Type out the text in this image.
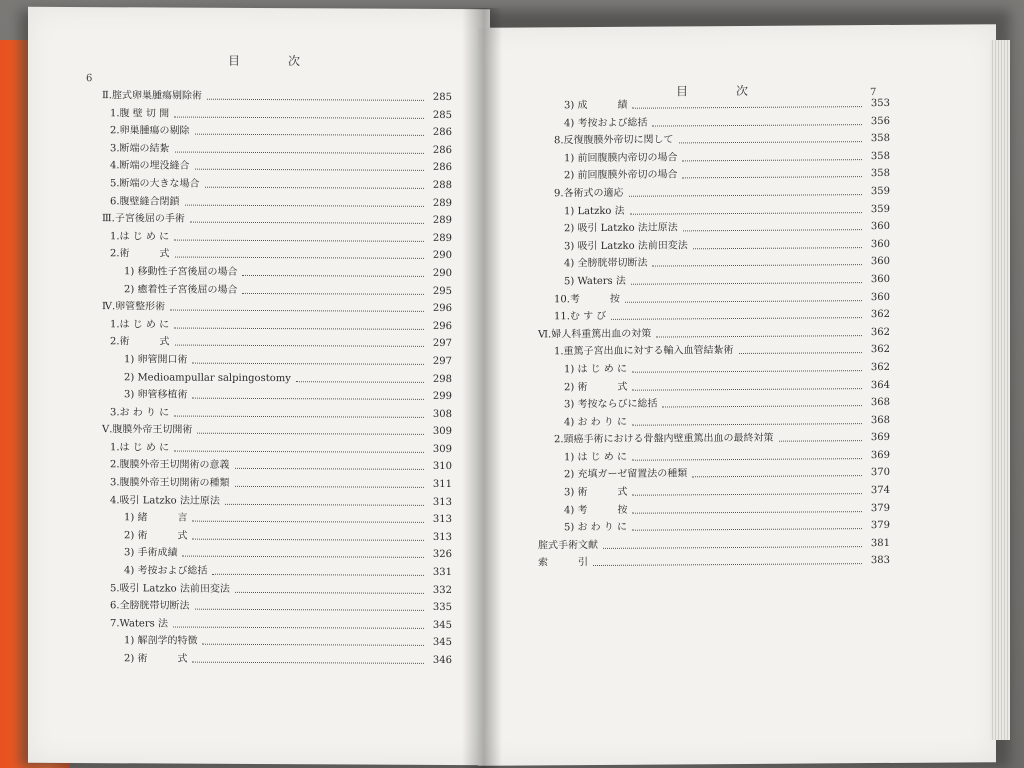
目　次
6
Ⅱ.腟式卵巣腫瘍剔除術	285
1.腹 壁 切 開	285
2.卵巣腫瘍の剔除	286
3.断端の結紮	286
4.断端の埋没縫合	286
5.断端の大きな場合	288
6.腹壁縫合閉鎖	289
Ⅲ.子宮後屈の手術	289
1.は じ め に	289
2.術　　　式	290
1) 移動性子宮後屈の場合	290
2) 癒着性子宮後屈の場合	295
Ⅳ.卵管整形術	296
1.は じ め に	296
2.術　　　式	297
1) 卵管開口術	297
2) Medioampullar salpingostomy	298
3) 卵管移植術	299
3.お わ り に	308
Ⅴ.腹膜外帝王切開術	309
1.は じ め に	309
2.腹膜外帝王切開術の意義	310
3.腹膜外帝王切開術の種類	311
4.吸引 Latzko 法辻原法	313
1) 緒　　　言	313
2) 術　　　式	313
3) 手術成績	326
4) 考按および総括	331
5.吸引 Latzko 法前田変法	332
6.全膀胱帯切断法	335
7.Waters 法	345
1) 解剖学的特徴	345
2) 術　　　式	346
目　次	7
3) 成　　　績	353
4) 考按および総括	356
8.反復腹膜外帝切に関して	358
1) 前回腹膜内帝切の場合	358
2) 前回腹膜外帝切の場合	358
9.各術式の適応	359
1) Latzko 法	359
2) 吸引 Latzko 法辻原法	360
3) 吸引 Latzko 法前田変法	360
4) 全膀胱帯切断法	360
5) Waters 法	360
10.考　　　按	360
11.む す び	362
Ⅵ.婦人科重篤出血の対策	362
1.重篤子宮出血に対する輸入血管結紮術	362
1) は じ め に	362
2) 術　　　式	364
3) 考按ならびに総括	368
4) お わ り に	368
2.頸癌手術における骨盤内壁重篤出血の最終対策	369
1) は じ め に	369
2) 充填ガーゼ留置法の種類	370
3) 術　　　式	374
4) 考　　　按	379
5) お わ り に	379
腟式手術文献	381
索　　　引	383
